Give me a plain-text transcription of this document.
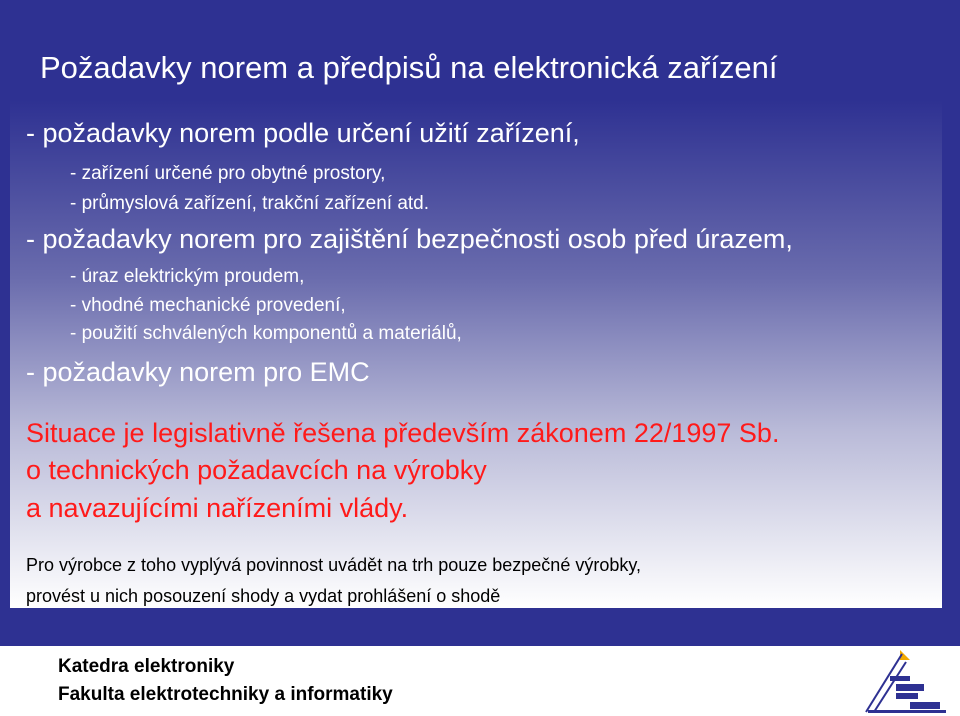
Požadavky norem a předpisů na elektronická zařízení
- požadavky norem podle určení užití zařízení,
- zařízení určené pro obytné prostory,
- průmyslová zařízení, trakční zařízení atd.
- požadavky norem pro zajištění bezpečnosti osob před úrazem,
- úraz elektrickým proudem,
- vhodné mechanické provedení,
- použití schválených komponentů a materiálů,
- požadavky norem pro EMC
Situace je legislativně řešena především zákonem 22/1997 Sb.
o technických požadavcích na výrobky
a navazujícími nařízeními vlády.
Pro výrobce z toho vyplývá povinnost uvádět na trh pouze bezpečné výrobky,
provést u nich posouzení shody a vydat prohlášení o shodě
Katedra elektroniky
Fakulta elektrotechniky a informatiky
